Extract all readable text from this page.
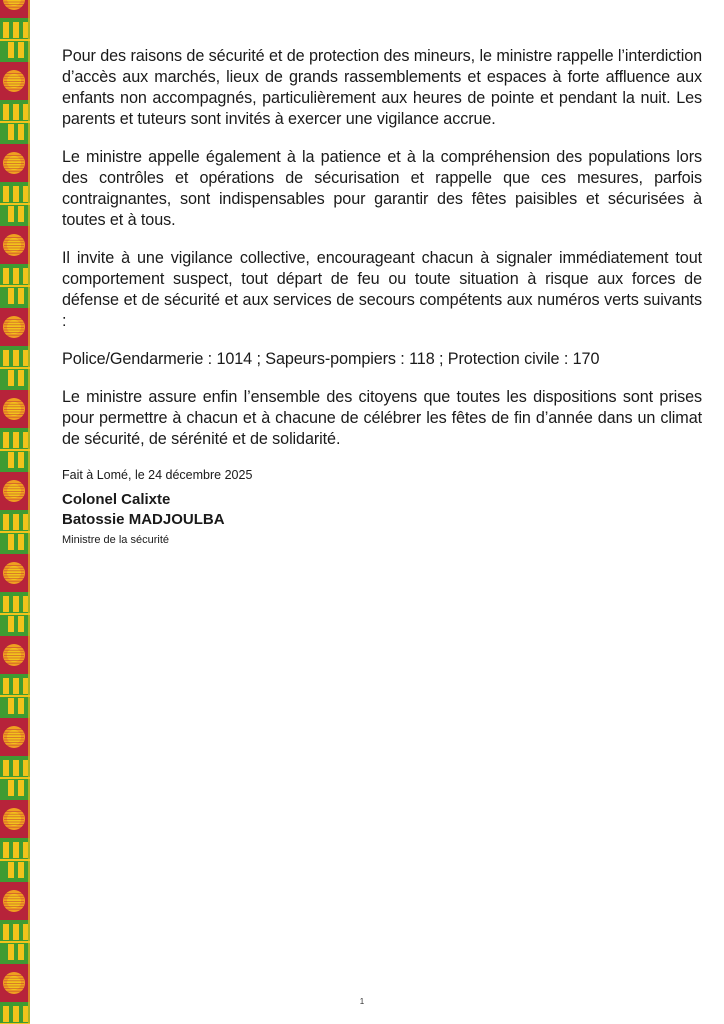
Pour des raisons de sécurité et de protection des mineurs, le ministre rappelle l’interdiction d’accès aux marchés, lieux de grands rassemblements et espaces à forte affluence aux enfants non accompagnés, particulièrement aux heures de pointe et pendant la nuit. Les parents et tuteurs sont invités à exercer une vigilance accrue.

Le ministre appelle également à la patience et à la compréhension des populations lors des contrôles et opérations de sécurisation et rappelle que ces mesures, parfois contraignantes, sont indispensables pour garantir des fêtes paisibles et sécurisées à toutes et à tous.

Il invite à une vigilance collective, encourageant chacun à signaler immédiatement tout comportement suspect, tout départ de feu ou toute situation à risque aux forces de défense et de sécurité et aux services de secours compétents aux numéros verts suivants :

Police/Gendarmerie : 1014 ; Sapeurs-pompiers : 118 ; Protection civile : 170

Le ministre assure enfin l’ensemble des citoyens que toutes les dispositions sont prises pour permettre à chacun et à chacune de célébrer les fêtes de fin d’année dans un climat de sécurité, de sérénité et de solidarité.

Fait à Lomé, le 24 décembre 2025

Colonel Calixte

Batossie MADJOULBA

Ministre de la sécurité

1
